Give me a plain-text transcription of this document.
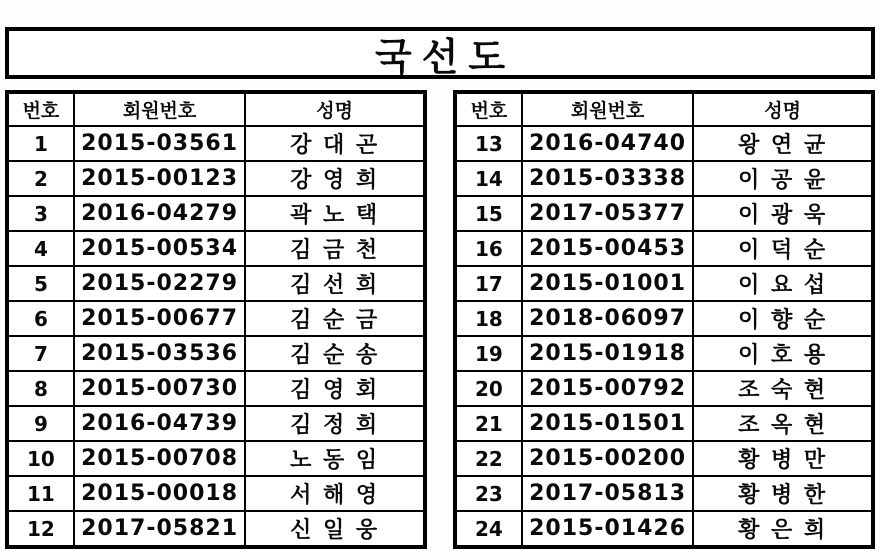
국선도
번호	회원번호	성명
1	2015-03561	강 대 곤
2	2015-00123	강 영 희
3	2016-04279	곽 노 택
4	2015-00534	김 금 천
5	2015-02279	김 선 희
6	2015-00677	김 순 금
7	2015-03536	김 순 송
8	2015-00730	김 영 회
9	2016-04739	김 정 희
10	2015-00708	노 동 임
11	2015-00018	서 해 영
12	2017-05821	신 일 웅
번호	회원번호	성명
13	2016-04740	왕 연 균
14	2015-03338	이 공 윤
15	2017-05377	이 광 욱
16	2015-00453	이 덕 순
17	2015-01001	이 요 섭
18	2018-06097	이 향 순
19	2015-01918	이 호 용
20	2015-00792	조 숙 현
21	2015-01501	조 옥 현
22	2015-00200	황 병 만
23	2017-05813	황 병 한
24	2015-01426	황 은 희
